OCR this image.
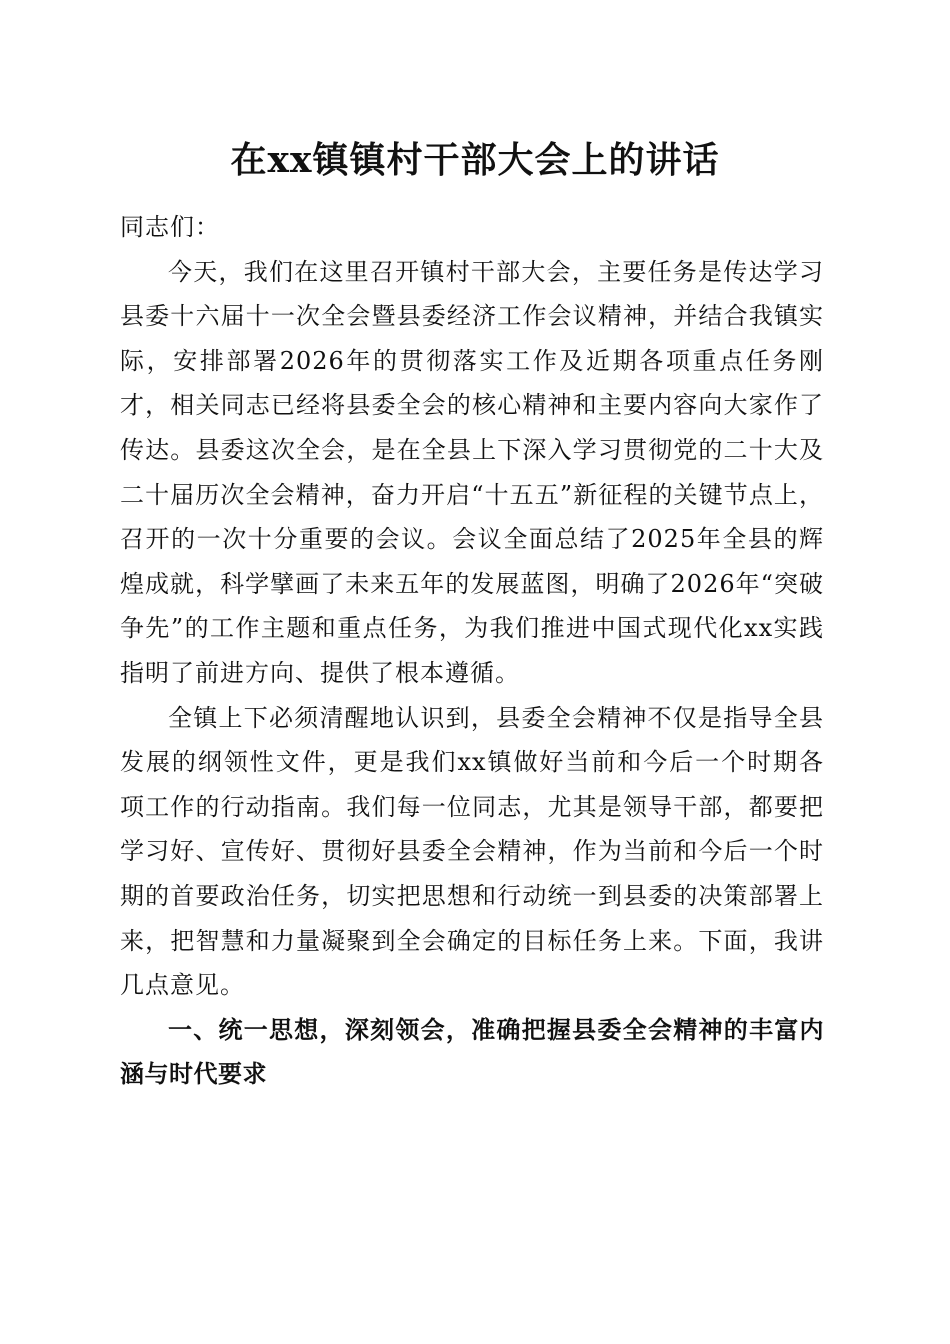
在xx镇镇村干部大会上的讲话

同志们：

今天，我们在这里召开镇村干部大会，主要任务是传达学习县委十六届十一次全会暨县委经济工作会议精神，并结合我镇实际，安排部署2026年的贯彻落实工作及近期各项重点任务刚才，相关同志已经将县委全会的核心精神和主要内容向大家作了传达。县委这次全会，是在全县上下深入学习贯彻党的二十大及二十届历次全会精神，奋力开启“十五五”新征程的关键节点上，召开的一次十分重要的会议。会议全面总结了2025年全县的辉煌成就，科学擘画了未来五年的发展蓝图，明确了2026年“突破争先”的工作主题和重点任务，为我们推进中国式现代化xx实践指明了前进方向、提供了根本遵循。

全镇上下必须清醒地认识到，县委全会精神不仅是指导全县发展的纲领性文件，更是我们xx镇做好当前和今后一个时期各项工作的行动指南。我们每一位同志，尤其是领导干部，都要把学习好、宣传好、贯彻好县委全会精神，作为当前和今后一个时期的首要政治任务，切实把思想和行动统一到县委的决策部署上来，把智慧和力量凝聚到全会确定的目标任务上来。下面，我讲几点意见。

一、统一思想，深刻领会，准确把握县委全会精神的丰富内涵与时代要求
